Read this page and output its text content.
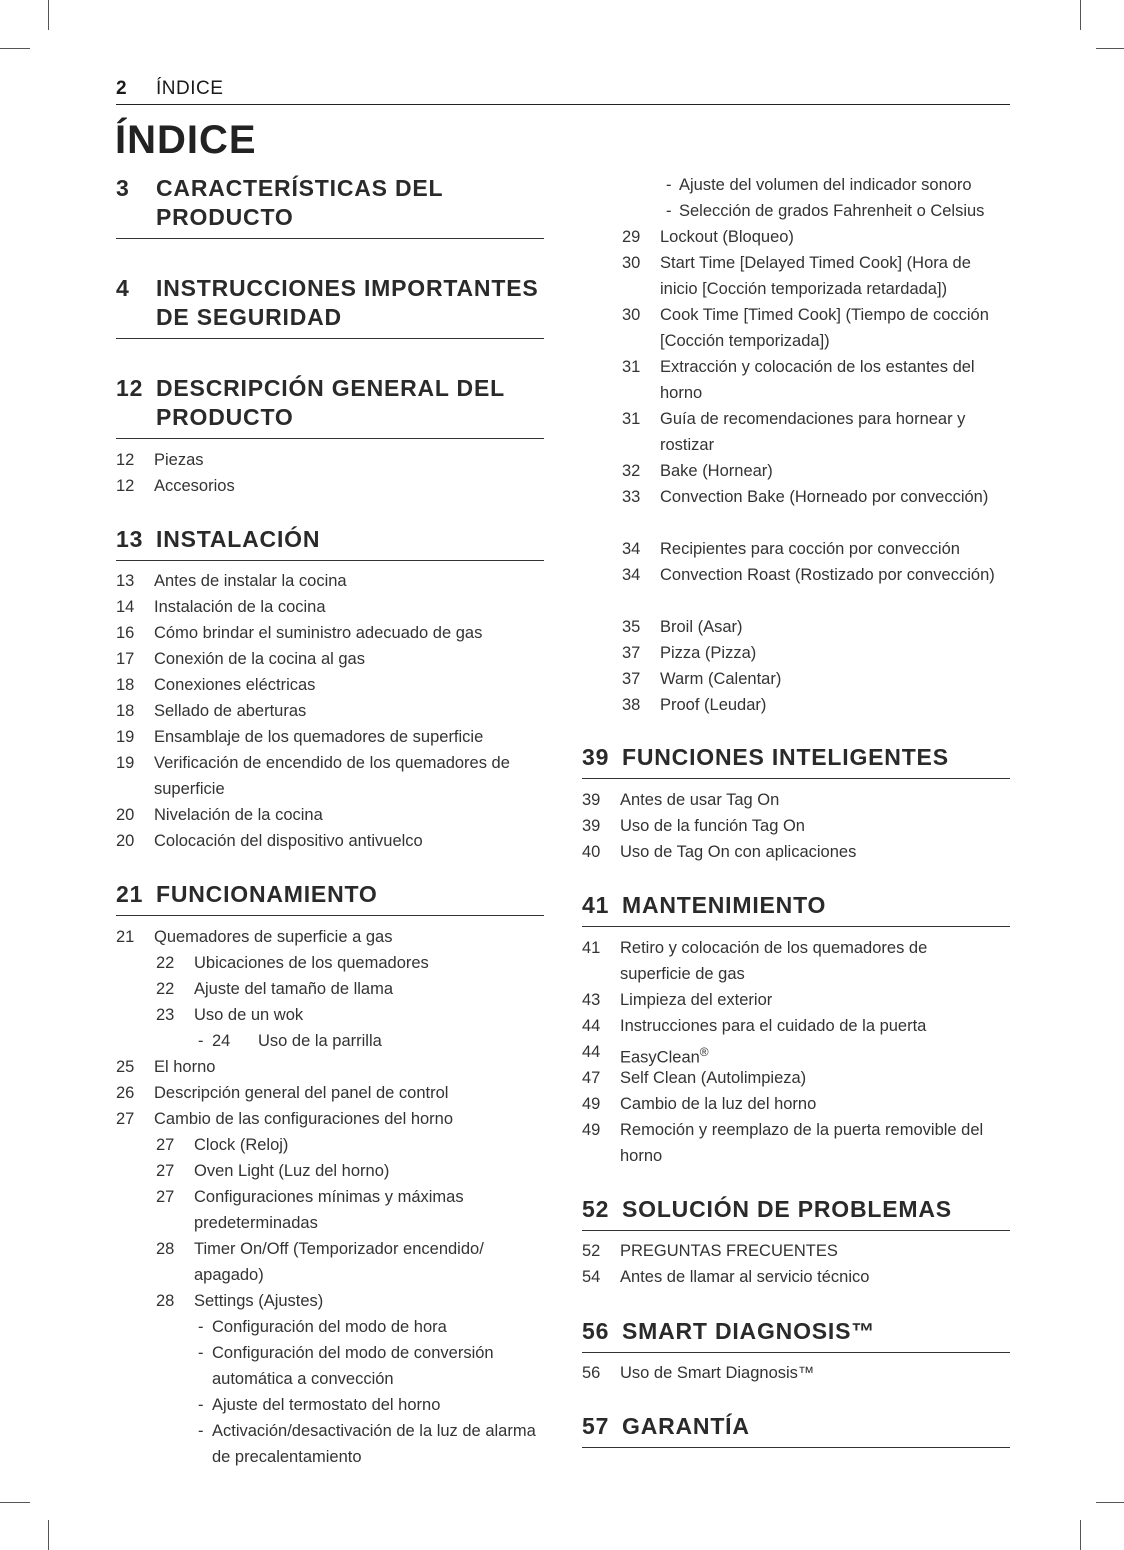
2 ÍNDICE
ÍNDICE
3	CARACTERÍSTICAS DEL PRODUCTO
4	INSTRUCCIONES IMPORTANTES DE SEGURIDAD
12 DESCRIPCIÓN GENERAL DEL PRODUCTO
12	Piezas
12	Accesorios
13 INSTALACIÓN
13	Antes de instalar la cocina
14	Instalación de la cocina
16	Cómo brindar el suministro adecuado de gas
17	Conexión de la cocina al gas
18	Conexiones eléctricas
18	Sellado de aberturas
19	Ensamblaje de los quemadores de superficie
19	Verificación de encendido de los quemadores de superficie
20	Nivelación de la cocina
20	Colocación del dispositivo antivuelco
21 FUNCIONAMIENTO
21	Quemadores de superficie a gas
22	Ubicaciones de los quemadores
22	Ajuste del tamaño de llama
23	Uso de un wok
- 24	Uso de la parrilla
25	El horno
26	Descripción general del panel de control
27	Cambio de las configuraciones del horno
27	Clock (Reloj)
27	Oven Light (Luz del horno)
27	Configuraciones mínimas y máximas predeterminadas
28	Timer On/Off (Temporizador encendido/ apagado)
28	Settings (Ajustes)
- Configuración del modo de hora
- Configuración del modo de conversión automática a convección
- Ajuste del termostato del horno
- Activación/desactivación de la luz de alarma de precalentamiento
- Ajuste del volumen del indicador sonoro
- Selección de grados Fahrenheit o Celsius
29	Lockout (Bloqueo)
30	Start Time [Delayed Timed Cook] (Hora de inicio [Cocción temporizada retardada])
30	Cook Time [Timed Cook] (Tiempo de cocción [Cocción temporizada])
31	Extracción y colocación de los estantes del horno
31	Guía de recomendaciones para hornear y rostizar
32	Bake (Hornear)
33	Convection Bake (Horneado por convección)
34	Recipientes para cocción por convección
34	Convection Roast (Rostizado por convección)
35	Broil (Asar)
37	Pizza (Pizza)
37	Warm (Calentar)
38	Proof (Leudar)
39 FUNCIONES INTELIGENTES
39	Antes de usar Tag On
39	Uso de la función Tag On
40	Uso de Tag On con aplicaciones
41 MANTENIMIENTO
41	Retiro y colocación de los quemadores de superficie de gas
43	Limpieza del exterior
44	Instrucciones para el cuidado de la puerta
44	EasyClean®
47	Self Clean (Autolimpieza)
49	Cambio de la luz del horno
49	Remoción y reemplazo de la puerta removible del horno
52 SOLUCIÓN DE PROBLEMAS
52	PREGUNTAS FRECUENTES
54	Antes de llamar al servicio técnico
56 SMART DIAGNOSIS™
56	Uso de Smart Diagnosis™
57 GARANTÍA
